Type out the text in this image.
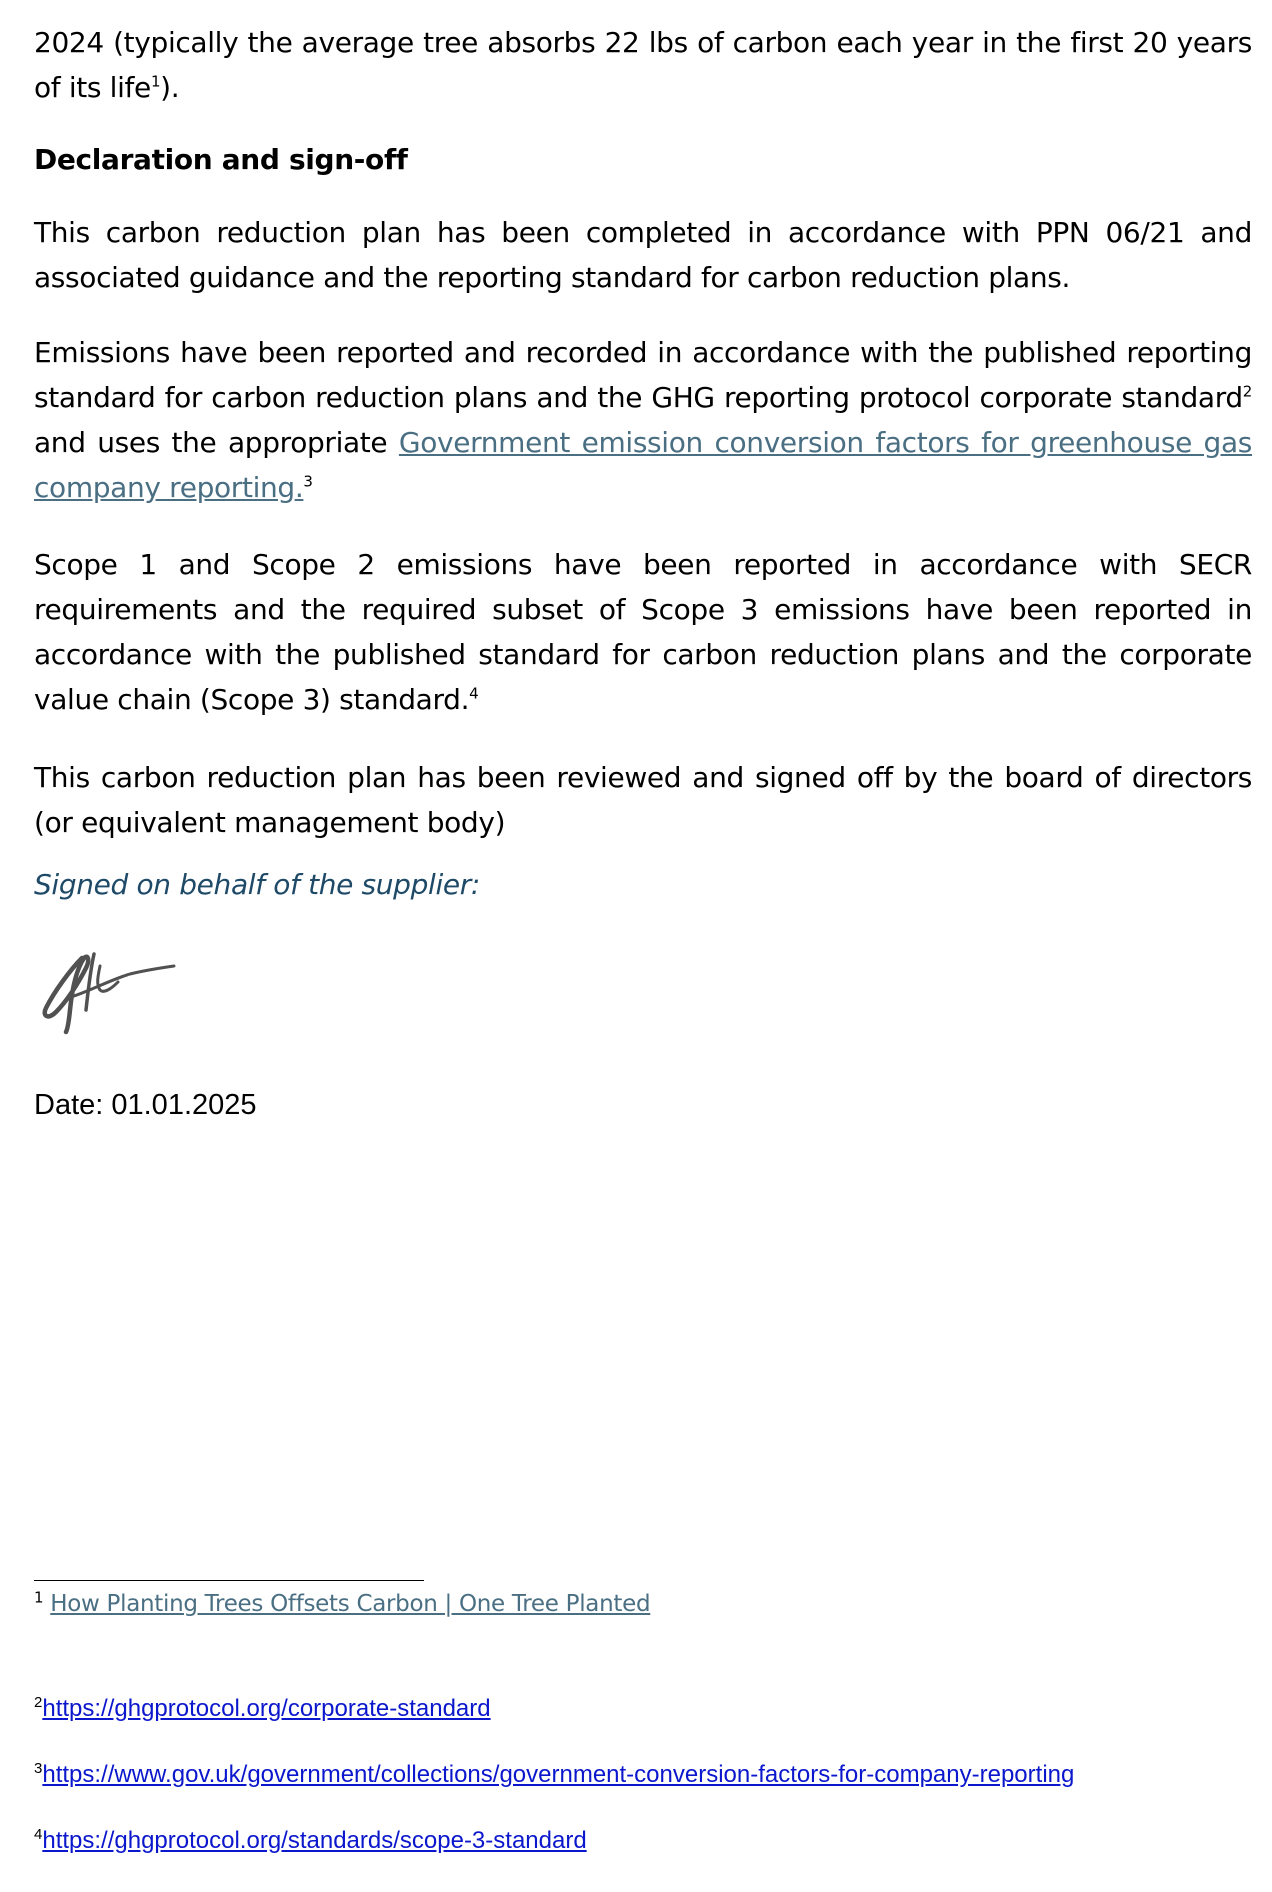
2024 (typically the average tree absorbs 22 lbs of carbon each year in the first 20 years of its life$^1$).

Declaration and sign-off

This carbon reduction plan has been completed in accordance with PPN 06/21 and associated guidance and the reporting standard for carbon reduction plans.

Emissions have been reported and recorded in accordance with the published reporting standard for carbon reduction plans and the GHG reporting protocol corporate standard$^2$ and uses the appropriate Government emission conversion factors for greenhouse gas company reporting.$^3$

Scope 1 and Scope 2 emissions have been reported in accordance with SECR requirements and the required subset of Scope 3 emissions have been reported in accordance with the published standard for carbon reduction plans and the corporate value chain (Scope 3) standard.$^4$

This carbon reduction plan has been reviewed and signed off by the board of directors (or equivalent management body)

Signed on behalf of the supplier:
Date: 01.01.2025
$^1$ How Planting Trees Offsets Carbon | One Tree Planted
$^2$https://ghgprotocol.org/corporate-standard
$^3$https://www.gov.uk/government/collections/government-conversion-factors-for-company-reporting
$^4$https://ghgprotocol.org/standards/scope-3-standard
